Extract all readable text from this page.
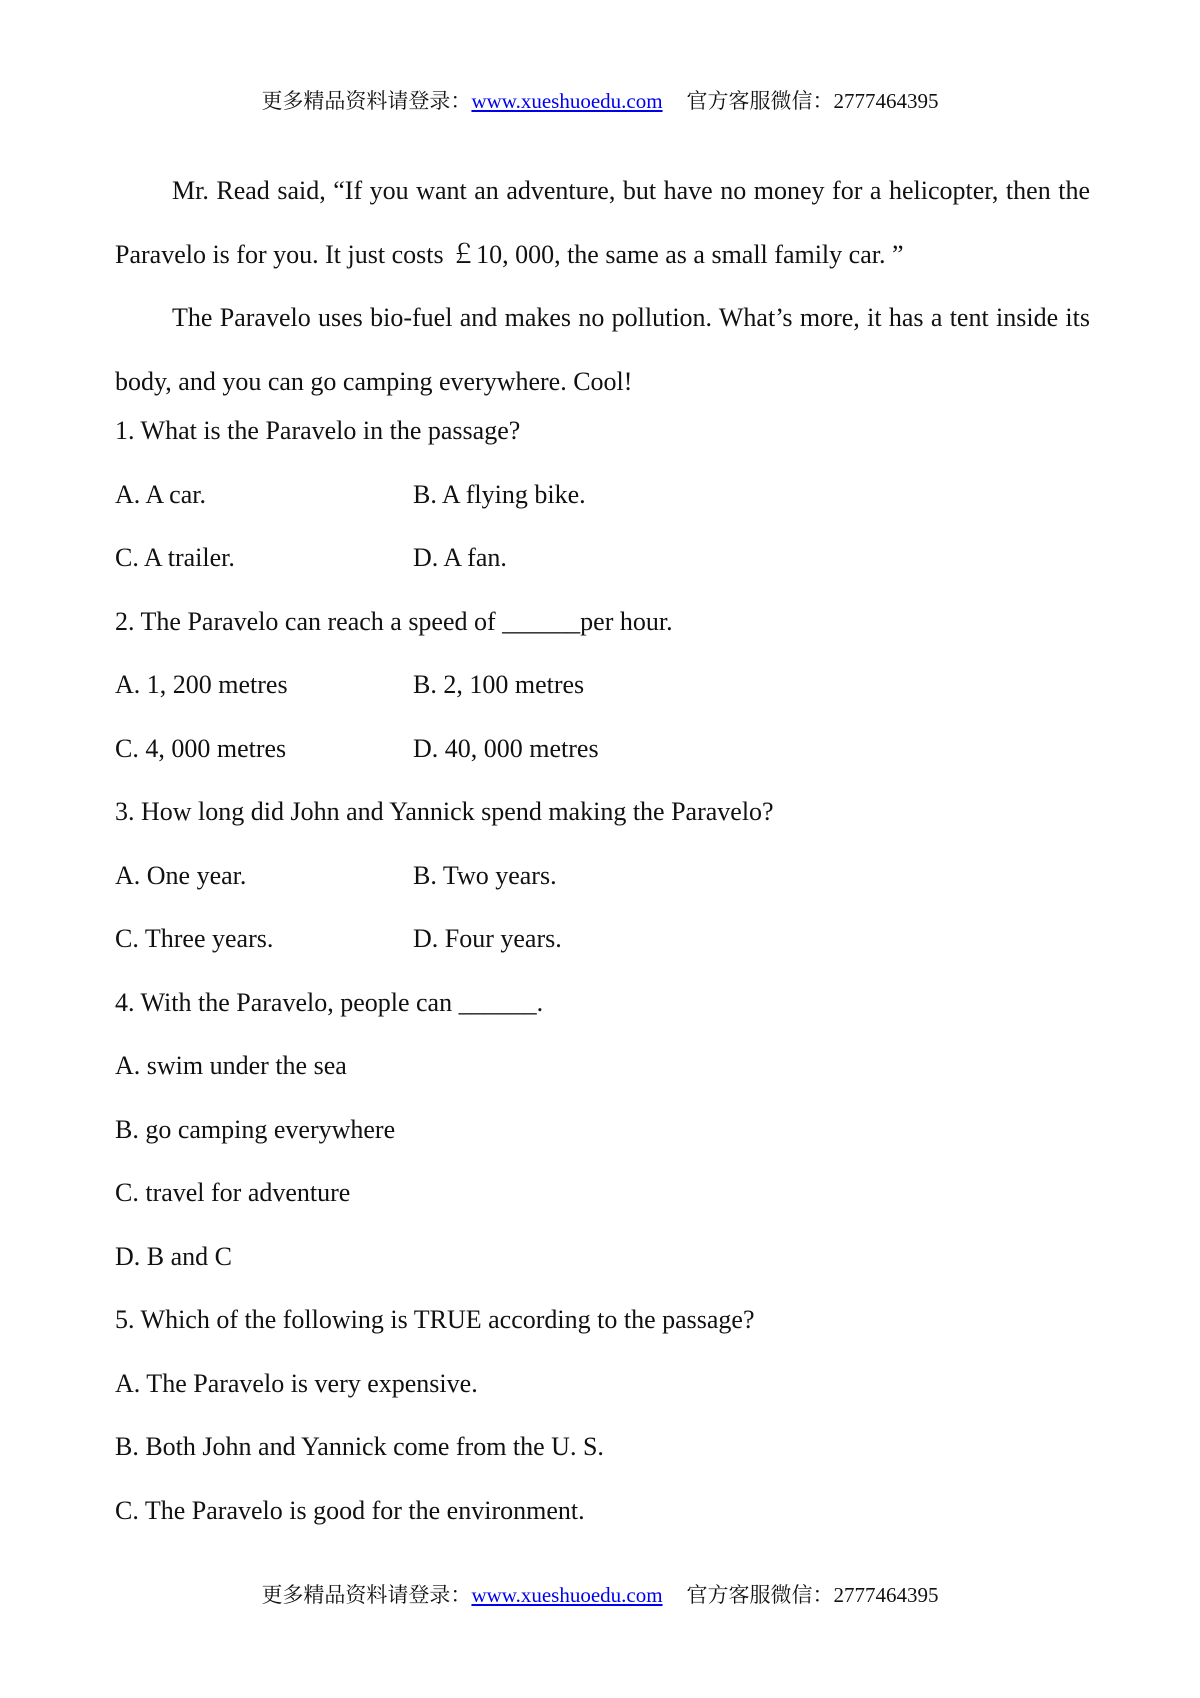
更多精品资料请登录：www.xueshuoedu.com 官方客服微信：2777464395

Mr. Read said, “If you want an adventure, but have no money for a helicopter, then the Paravelo is for you. It just costs ￡10, 000, the same as a small family car. ”

The Paravelo uses bio-fuel and makes no pollution. What’s more, it has a tent inside its body, and you can go camping everywhere. Cool!

1. What is the Paravelo in the passage?
A. A car.	B. A flying bike.
C. A trailer.	D. A fan.
2. The Paravelo can reach a speed of ______per hour.
A. 1, 200 metres	B. 2, 100 metres
C. 4, 000 metres	D. 40, 000 metres
3. How long did John and Yannick spend making the Paravelo?
A. One year.	B. Two years.
C. Three years.	D. Four years.
4. With the Paravelo, people can ______.
A. swim under the sea
B. go camping everywhere
C. travel for adventure
D. B and C
5. Which of the following is TRUE according to the passage?
A. The Paravelo is very expensive.
B. Both John and Yannick come from the U. S.
C. The Paravelo is good for the environment.
更多精品资料请登录：www.xueshuoedu.com 官方客服微信：2777464395
